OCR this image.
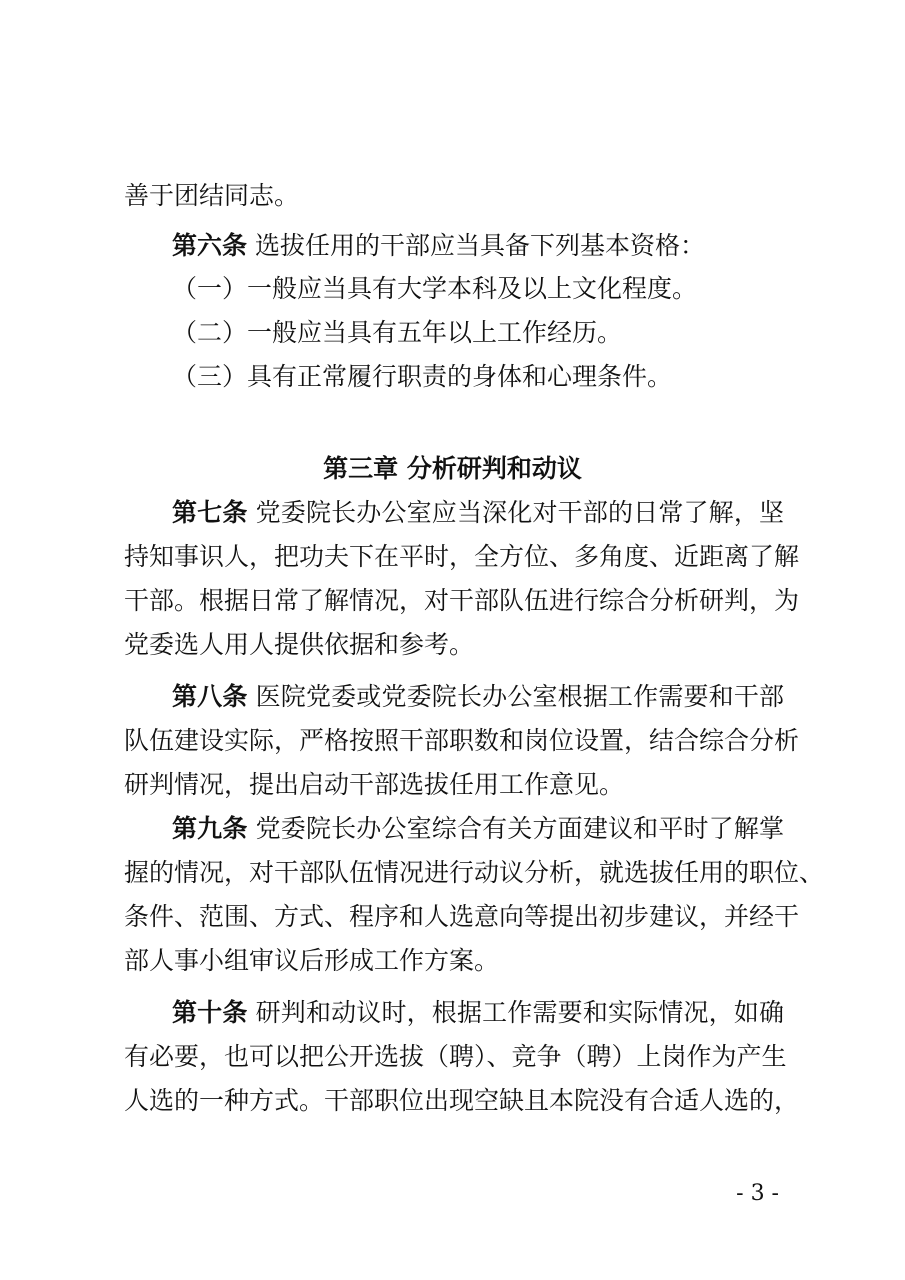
善于团结同志。
第六条 选拔任用的干部应当具备下列基本资格：
（一）一般应当具有大学本科及以上文化程度。
（二）一般应当具有五年以上工作经历。
（三）具有正常履行职责的身体和心理条件。
第三章 分析研判和动议
第七条 党委院长办公室应当深化对干部的日常了解，坚
持知事识人，把功夫下在平时，全方位、多角度、近距离了解
干部。根据日常了解情况，对干部队伍进行综合分析研判，为
党委选人用人提供依据和参考。
第八条 医院党委或党委院长办公室根据工作需要和干部
队伍建设实际，严格按照干部职数和岗位设置，结合综合分析
研判情况，提出启动干部选拔任用工作意见。
第九条 党委院长办公室综合有关方面建议和平时了解掌
握的情况，对干部队伍情况进行动议分析，就选拔任用的职位、
条件、范围、方式、程序和人选意向等提出初步建议，并经干
部人事小组审议后形成工作方案。
第十条 研判和动议时，根据工作需要和实际情况，如确
有必要，也可以把公开选拔（聘）、竞争（聘）上岗作为产生
人选的一种方式。干部职位出现空缺且本院没有合适人选的，
- 3 -
